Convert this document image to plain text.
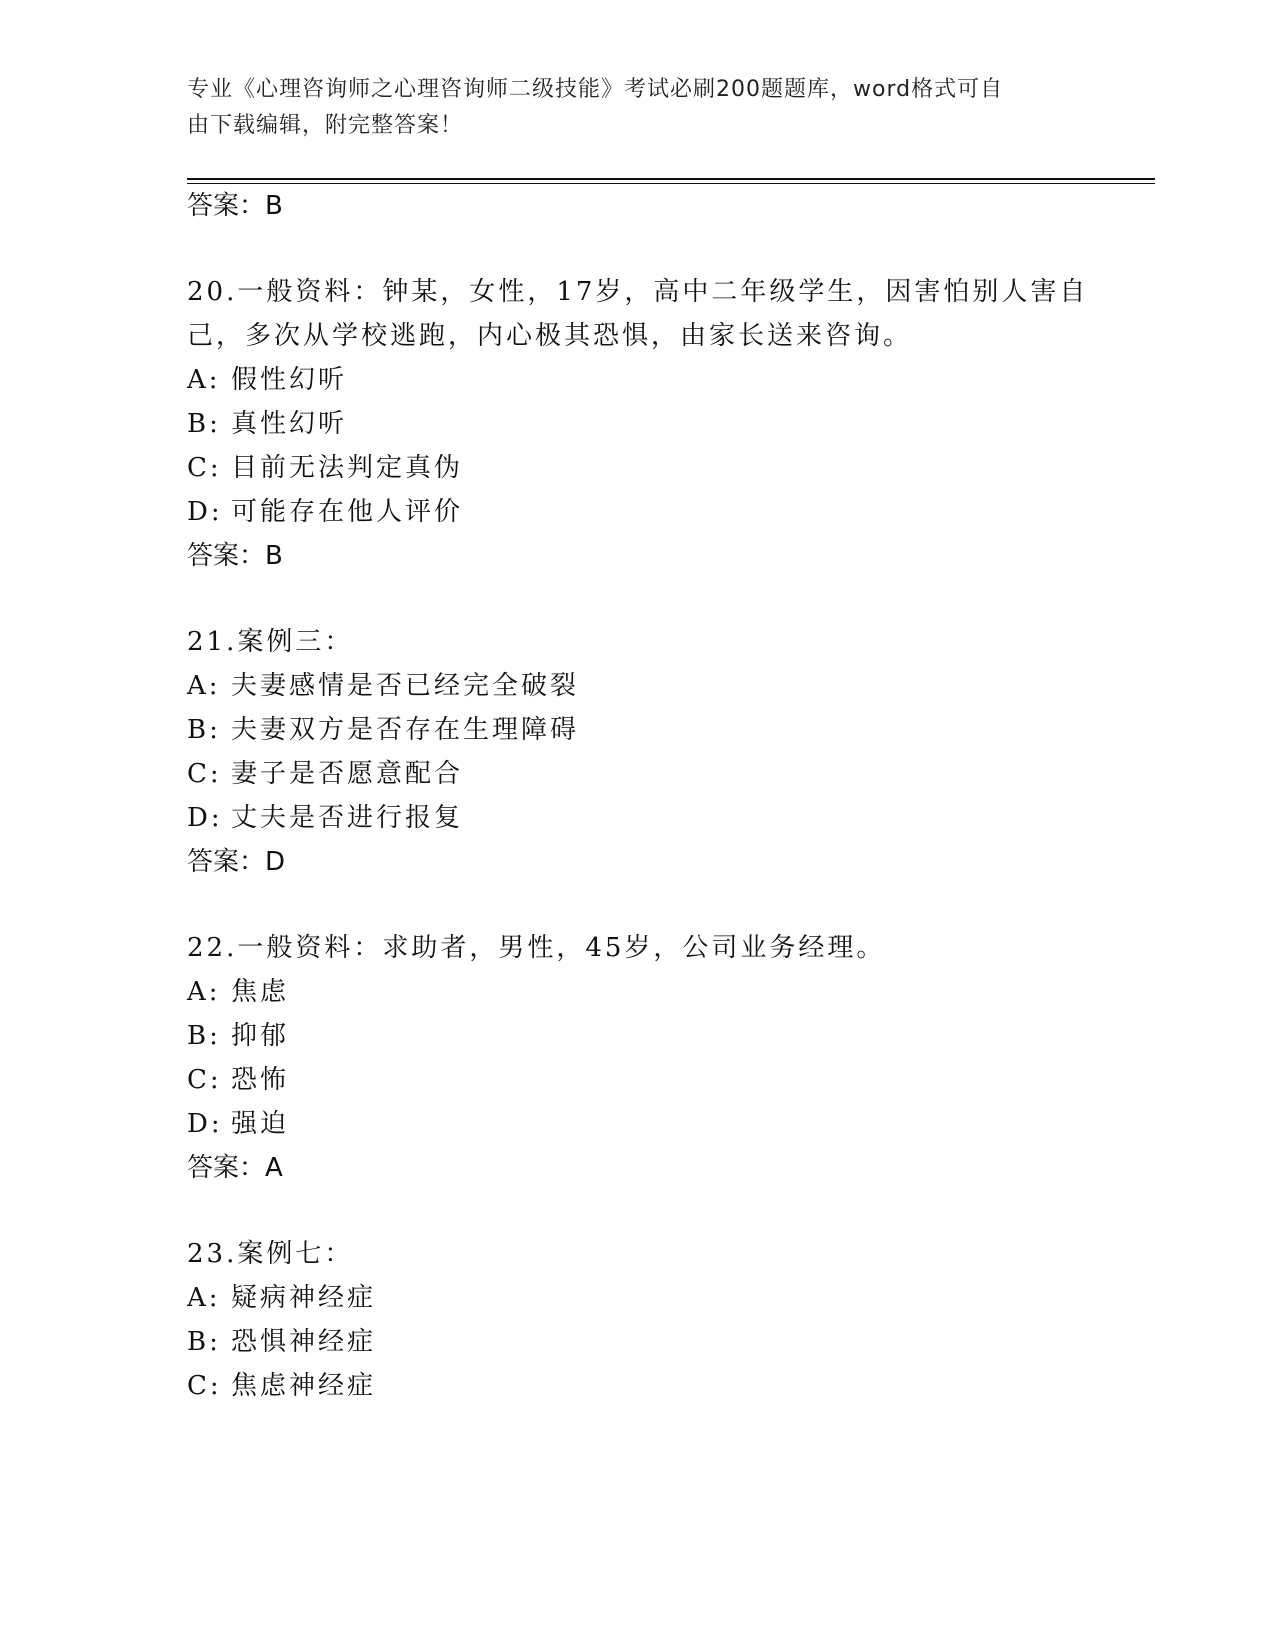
专业《心理咨询师之心理咨询师二级技能》考试必刷200题题库，word格式可自
由下载编辑，附完整答案！
答案：B
20.一般资料：钟某，女性，17岁，高中二年级学生，因害怕别人害自
己，多次从学校逃跑，内心极其恐惧，由家长送来咨询。
A: 假性幻听
B: 真性幻听
C: 目前无法判定真伪
D: 可能存在他人评价
答案：B
21.案例三：
A: 夫妻感情是否已经完全破裂
B: 夫妻双方是否存在生理障碍
C: 妻子是否愿意配合
D: 丈夫是否进行报复
答案：D
22.一般资料：求助者，男性，45岁，公司业务经理。
A: 焦虑
B: 抑郁
C: 恐怖
D: 强迫
答案：A
23.案例七：
A: 疑病神经症
B: 恐惧神经症
C: 焦虑神经症
